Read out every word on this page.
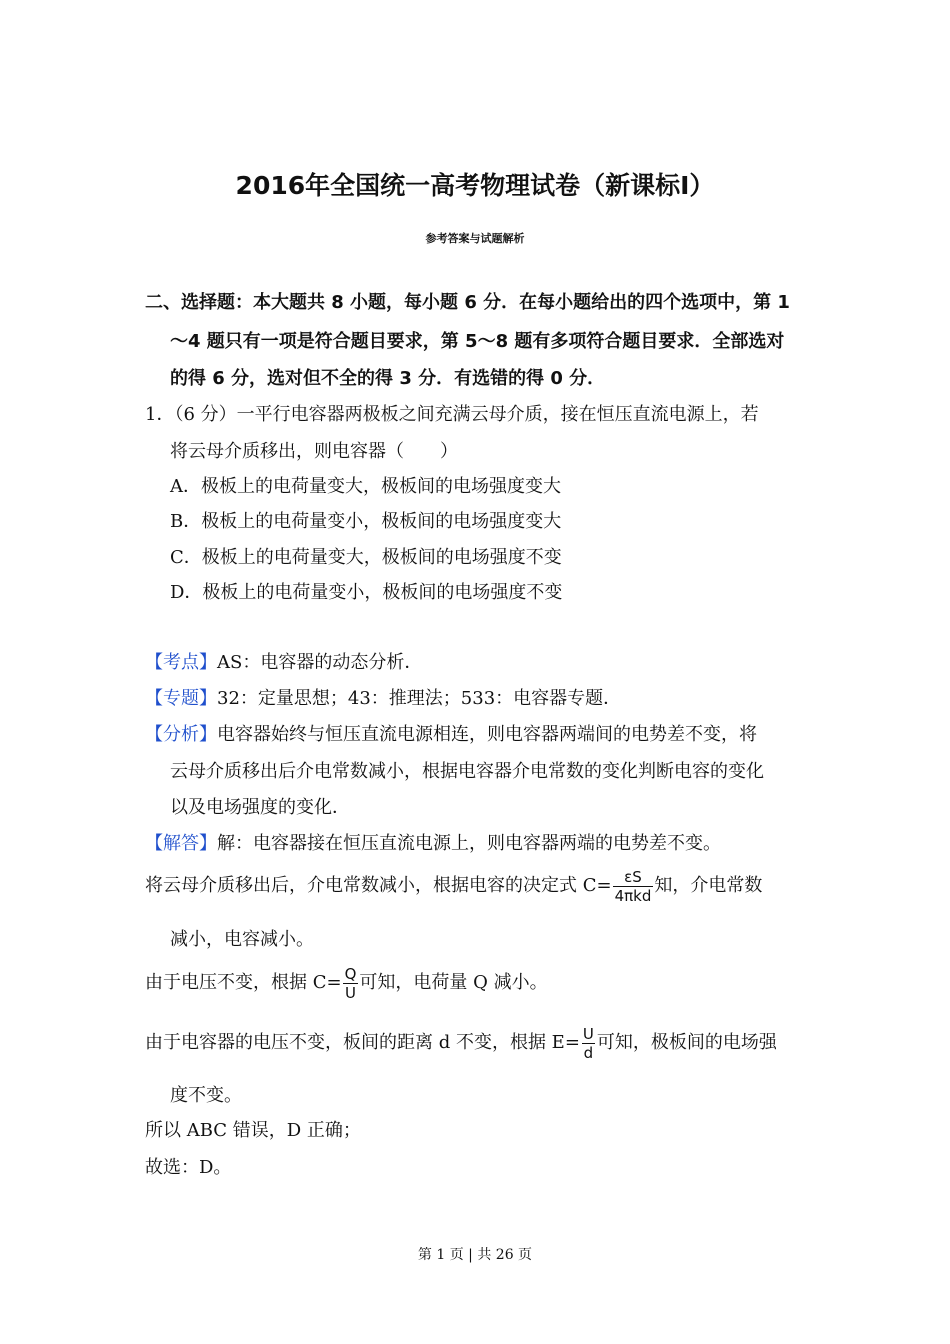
2016年全国统一高考物理试卷（新课标Ⅰ）
参考答案与试题解析
二、选择题：本大题共 8 小题，每小题 6 分．在每小题给出的四个选项中，第 1
～4 题只有一项是符合题目要求，第 5～8 题有多项符合题目要求．全部选对
的得 6 分，选对但不全的得 3 分．有选错的得 0 分．
1．（6 分）一平行电容器两极板之间充满云母介质，接在恒压直流电源上，若
将云母介质移出，则电容器（　　）
A．极板上的电荷量变大，极板间的电场强度变大
B．极板上的电荷量变小，极板间的电场强度变大
C．极板上的电荷量变大，极板间的电场强度不变
D．极板上的电荷量变小，极板间的电场强度不变
【考点】AS：电容器的动态分析．
【专题】32：定量思想；43：推理法；533：电容器专题．
【分析】电容器始终与恒压直流电源相连，则电容器两端间的电势差不变，将
云母介质移出后介电常数减小，根据电容器介电常数的变化判断电容的变化
以及电场强度的变化．
【解答】解：电容器接在恒压直流电源上，则电容器两端的电势差不变。
将云母介质移出后，介电常数减小，根据电容的决定式 $C= \frac{\varepsilon S}{\text{4πkd}}$ 知，介电常数
减小，电容减小。
由于电压不变，根据 $C= \frac{Q}{U}$ 可知，电荷量 Q 减小。
由于电容器的电压不变，板间的距离 d 不变，根据 $E= \frac{U}{d}$ 可知，极板间的电场强
度不变。
所以 ABC 错误，D 正确；
故选：D。
第 1 页 | 共 26 页
